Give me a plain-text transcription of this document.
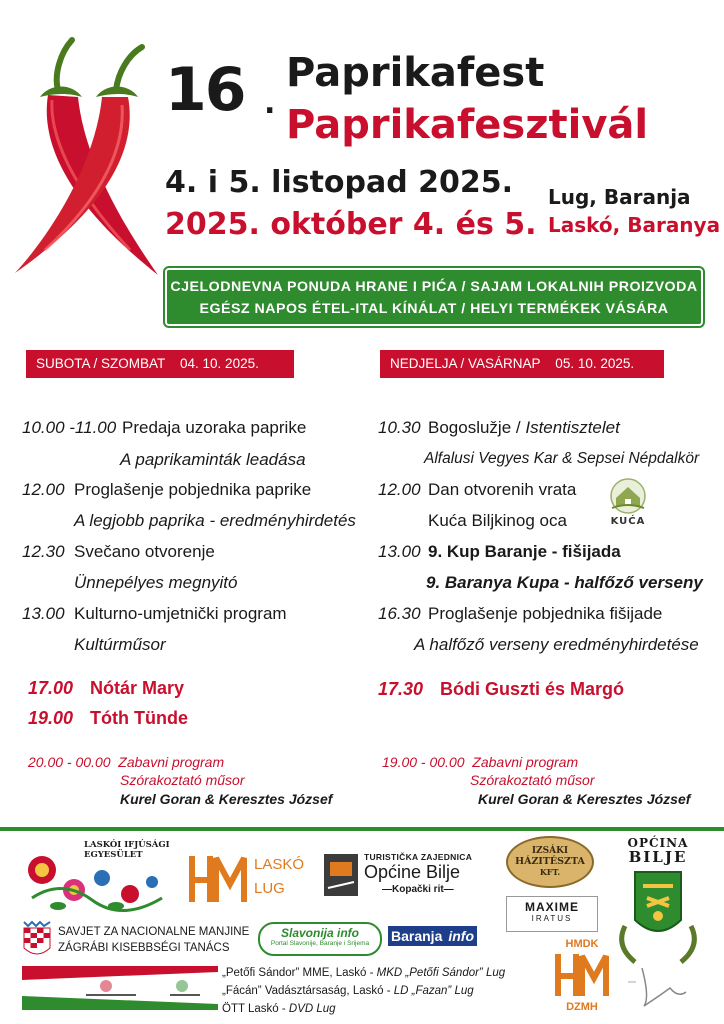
16 .
Paprikafest
Paprikafesztivál
4. i 5. listopad 2025.
2025. október 4. és 5.
Lug, Baranja
Laskó, Baranya
CJELODNEVNA PONUDA HRANE I PIĆA / SAJAM LOKALNIH PROIZVODA
EGÉSZ NAPOS ÉTEL-ITAL KÍNÁLAT / HELYI TERMÉKEK VÁSÁRA
SUBOTA / SZOMBAT    04. 10. 2025.
10.00 -11.00 Predaja uzoraka paprike
A paprikaminták leadása
12.00 Proglašenje pobjednika paprike
A legjobb paprika - eredményhirdetés
12.30 Svečano otvorenje
Ünnepélyes megnyitó
13.00 Kulturno-umjetnički program
Kultúrműsor
17.00 Nótár Mary
19.00 Tóth Tünde
20.00 - 00.00 Zabavni program
Szórakoztató műsor
Kurel Goran & Keresztes József
NEDJELJA / VASÁRNAP    05. 10. 2025.
10.30 Bogoslužje / Istentisztelet
Alfalusi Vegyes Kar & Sepsei Népdalkör
12.00 Dan otvorenih vrata
Kuća Biljkinog oca	KUĆA
13.00 9. Kup Baranje - fišijada
9. Baranya Kupa - halfőző verseny
16.30 Proglašenje pobjednika fišijade
A halfőző verseny eredményhirdetése
17.30 Bódi Guszti és Margó
19.00 - 00.00 Zabavni program
Szórakoztató műsor
Kurel Goran & Keresztes József
LASKÓI IFJÚSÁGI EGYESÜLET
LASKÓ
LUG
TURISTIČKA ZAJEDNICA
Općine Bilje
—Kopački rit—
IZSÁKI
HÁZITÉSZTA
KFT.
OPĆINA
BILJE
SAVJET ZA NACIONALNE MANJINE
ZÁGRÁBI KISEBBSÉGI TANÁCS
Slavonija info
Portal Slavonije, Baranje i Srijema	Baranja info
MAXIME
IRATUS
HMDK
DZMH
„Petőfi Sándor” MME, Laskó - MKD „Petőfi Sándor” Lug
„Fácán” Vadásztársaság, Laskó - LD „Fazan” Lug
ÖTT Laskó - DVD Lug
